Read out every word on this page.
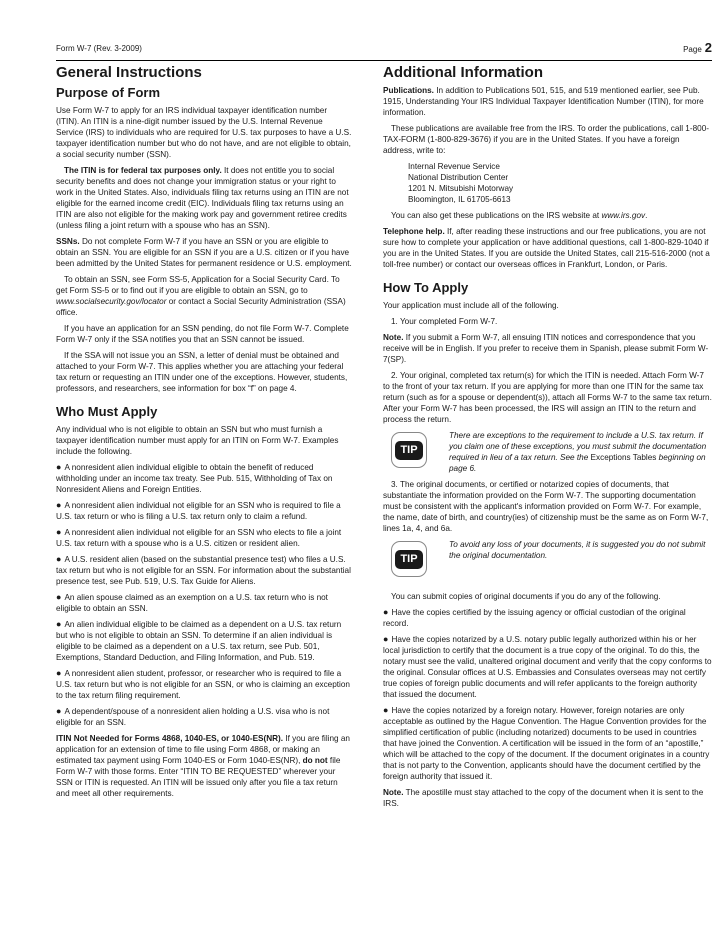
Form W-7 (Rev. 3-2009)	Page 2
General Instructions
Purpose of Form

Use Form W-7 to apply for an IRS individual taxpayer identification number (ITIN). An ITIN is a nine-digit number issued by the U.S. Internal Revenue Service (IRS) to individuals who are required for U.S. tax purposes to have a U.S. taxpayer identification number but who do not have, and are not eligible to obtain, a social security number (SSN).

The ITIN is for federal tax purposes only. It does not entitle you to social security benefits and does not change your immigration status or your right to work in the United States. Also, individuals filing tax returns using an ITIN are not eligible for the earned income credit (EIC). Individuals filing tax returns using an ITIN are also not eligible for the making work pay and government retiree credits (unless filing a joint return with a spouse who has an SSN).

SSNs. Do not complete Form W-7 if you have an SSN or you are eligible to obtain an SSN. You are eligible for an SSN if you are a U.S. citizen or if you have been admitted by the United States for permanent residence or U.S. employment.

To obtain an SSN, see Form SS-5, Application for a Social Security Card. To get Form SS-5 or to find out if you are eligible to obtain an SSN, go to www.socialsecurity.gov/locator or contact a Social Security Administration (SSA) office.

If you have an application for an SSN pending, do not file Form W-7. Complete Form W-7 only if the SSA notifies you that an SSN cannot be issued.

If the SSA will not issue you an SSN, a letter of denial must be obtained and attached to your Form W-7. This applies whether you are attaching your federal tax return or requesting an ITIN under one of the exceptions. However, students, professors, and researchers, see information for box “f” on page 4.

Who Must Apply

Any individual who is not eligible to obtain an SSN but who must furnish a taxpayer identification number must apply for an ITIN on Form W-7. Examples include the following.

● A nonresident alien individual eligible to obtain the benefit of reduced withholding under an income tax treaty. See Pub. 515, Withholding of Tax on Nonresident Aliens and Foreign Entities.
● A nonresident alien individual not eligible for an SSN who is required to file a U.S. tax return or who is filing a U.S. tax return only to claim a refund.
● A nonresident alien individual not eligible for an SSN who elects to file a joint U.S. tax return with a spouse who is a U.S. citizen or resident alien.
● A U.S. resident alien (based on the substantial presence test) who files a U.S. tax return but who is not eligible for an SSN. For information about the substantial presence test, see Pub. 519, U.S. Tax Guide for Aliens.
● An alien spouse claimed as an exemption on a U.S. tax return who is not eligible to obtain an SSN.
● An alien individual eligible to be claimed as a dependent on a U.S. tax return but who is not eligible to obtain an SSN. To determine if an alien individual is eligible to be claimed as a dependent on a U.S. tax return, see Pub. 501, Exemptions, Standard Deduction, and Filing Information, and Pub. 519.
● A nonresident alien student, professor, or researcher who is required to file a U.S. tax return but who is not eligible for an SSN, or who is claiming an exception to the tax return filing requirement.
● A dependent/spouse of a nonresident alien holding a U.S. visa who is not eligible for an SSN.

ITIN Not Needed for Forms 4868, 1040-ES, or 1040-ES(NR). If you are filing an application for an extension of time to file using Form 4868, or making an estimated tax payment using Form 1040-ES or Form 1040-ES(NR), do not file Form W-7 with those forms. Enter “ITIN TO BE REQUESTED” wherever your SSN or ITIN is requested. An ITIN will be issued only after you file a tax return and meet all other requirements.

Additional Information

Publications. In addition to Publications 501, 515, and 519 mentioned earlier, see Pub. 1915, Understanding Your IRS Individual Taxpayer Identification Number (ITIN), for more information.

These publications are available free from the IRS. To order the publications, call 1-800-TAX-FORM (1-800-829-3676) if you are in the United States. If you have a foreign address, write to:

Internal Revenue Service
National Distribution Center
1201 N. Mitsubishi Motorway
Bloomington, IL 61705-6613

You can also get these publications on the IRS website at www.irs.gov.

Telephone help. If, after reading these instructions and our free publications, you are not sure how to complete your application or have additional questions, call 1-800-829-1040 if you are in the United States. If you are outside the United States, call 215-516-2000 (not a toll-free number) or contact our overseas offices in Frankfurt, London, or Paris.

How To Apply

Your application must include all of the following.

1. Your completed Form W-7.

Note. If you submit a Form W-7, all ensuing ITIN notices and correspondence that you receive will be in English. If you prefer to receive them in Spanish, please submit Form W-7(SP).

2. Your original, completed tax return(s) for which the ITIN is needed. Attach Form W-7 to the front of your tax return. If you are applying for more than one ITIN for the same tax return (such as for a spouse or dependent(s)), attach all Forms W-7 to the same tax return. After your Form W-7 has been processed, the IRS will assign an ITIN to the return and process the return.

TIP
There are exceptions to the requirement to include a U.S. tax return. If you claim one of these exceptions, you must submit the documentation required in lieu of a tax return. See the Exceptions Tables beginning on page 6.

3. The original documents, or certified or notarized copies of documents, that substantiate the information provided on the Form W-7. The supporting documentation must be consistent with the applicant's information provided on Form W-7. For example, the name, date of birth, and country(ies) of citizenship must be the same as on Form W-7, lines 1a, 4, and 6a.

TIP
To avoid any loss of your documents, it is suggested you do not submit the original documentation.

You can submit copies of original documents if you do any of the following.

● Have the copies certified by the issuing agency or official custodian of the original record.
● Have the copies notarized by a U.S. notary public legally authorized within his or her local jurisdiction to certify that the document is a true copy of the original. To do this, the notary must see the valid, unaltered original document and verify that the copy conforms to the original. Consular offices at U.S. Embassies and Consulates overseas may not certify true copies of foreign public documents and will refer applicants to the foreign authority that issued the document.
● Have the copies notarized by a foreign notary. However, foreign notaries are only acceptable as outlined by the Hague Convention. The Hague Convention provides for the simplified certification of public (including notarized) documents to be used in countries that have joined the Convention. A certification will be issued in the form of an “apostille,” which will be attached to the copy of the document. If the document originates in a country that is not party to the Convention, applicants should have the document certified by the foreign authority that issued it.

Note. The apostille must stay attached to the copy of the document when it is sent to the IRS.
